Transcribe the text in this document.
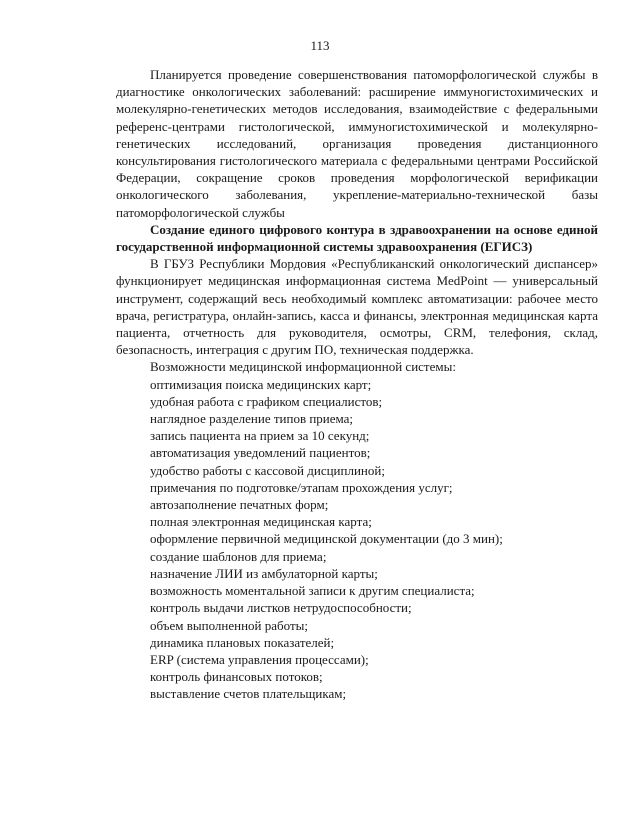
113

Планируется проведение совершенствования патоморфологической службы в диагностике онкологических заболеваний: расширение иммуногистохимических и молекулярно-генетических методов исследования, взаимодействие с федеральными референс-центрами гистологической, иммуногистохимической и молекулярно-генетических исследований, организация проведения дистанционного консультирования гистологического материала с федеральными центрами Российской Федерации, сокращение сроков проведения морфологической верификации онкологического заболевания, укрепление-материально-технической базы патоморфологической службы

Создание единого цифрового контура в здравоохранении на основе единой государственной информационной системы здравоохранения (ЕГИСЗ)

В ГБУЗ Республики Мордовия «Республиканский онкологический диспансер» функционирует медицинская информационная система MedPoint — универсальный инструмент, содержащий весь необходимый комплекс автоматизации: рабочее место врача, регистратура, онлайн-запись, касса и финансы, электронная медицинская карта пациента, отчетность для руководителя, осмотры, CRM, телефония, склад, безопасность, интеграция с другим ПО, техническая поддержка.

Возможности медицинской информационной системы:

оптимизация поиска медицинских карт;
удобная работа с графиком специалистов;
наглядное разделение типов приема;
запись пациента на прием за 10 секунд;
автоматизация уведомлений пациентов;
удобство работы с кассовой дисциплиной;
примечания по подготовке/этапам прохождения услуг;
автозаполнение печатных форм;
полная электронная медицинская карта;
оформление первичной медицинской документации (до 3 мин);
создание шаблонов для приема;
назначение ЛИИ из амбулаторной карты;
возможность моментальной записи к другим специалиста;
контроль выдачи листков нетрудоспособности;
объем выполненной работы;
динамика плановых показателей;
ERP (система управления процессами);
контроль финансовых потоков;
выставление счетов плательщикам;
